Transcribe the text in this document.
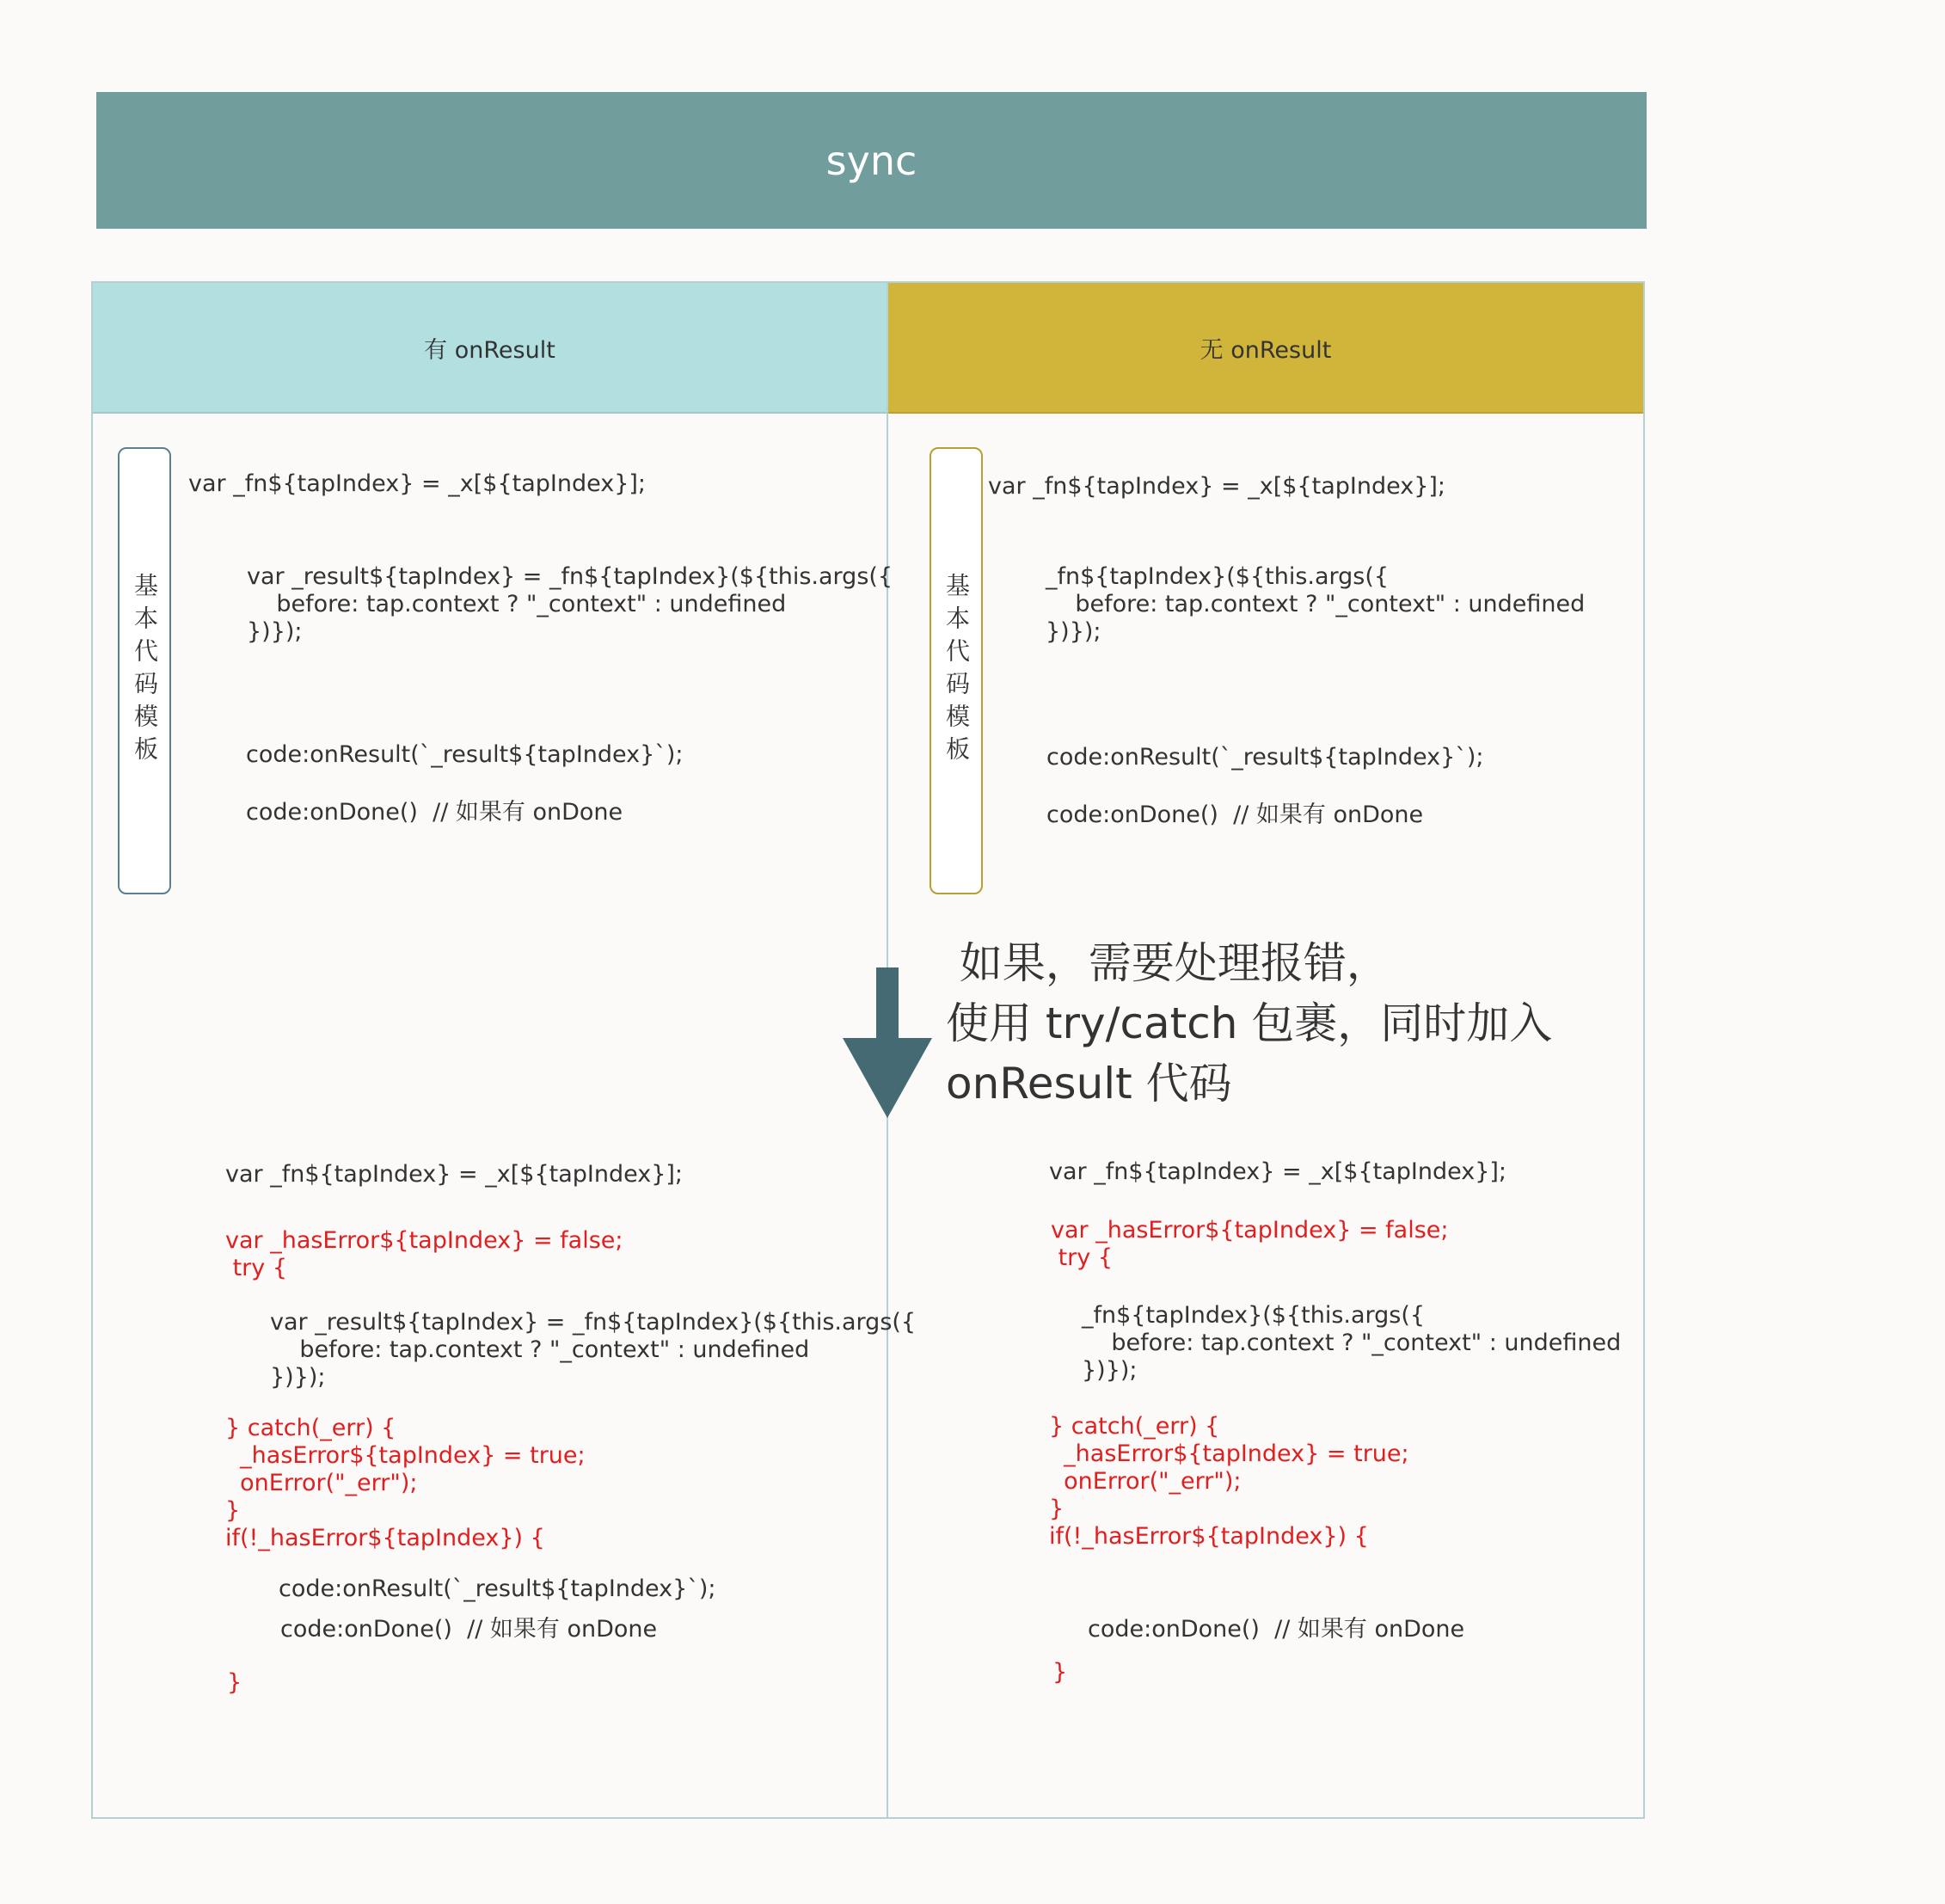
sync
有 onResult	无 onResult
基本代码模板	基本代码模板
var _fn${tapIndex} = _x[${tapIndex}];
var _result${tapIndex} = _fn${tapIndex}(${this.args({
before: tap.context ? "_context" : undefined
})});
code:onResult(`_result${tapIndex}`);
code:onDone()  // 如果有 onDone
var _fn${tapIndex} = _x[${tapIndex}];
_fn${tapIndex}(${this.args({
before: tap.context ? "_context" : undefined
})});
code:onResult(`_result${tapIndex}`);
code:onDone()  // 如果有 onDone
如果，需要处理报错，
使用 try/catch 包裹，同时加入
onResult 代码
var _fn${tapIndex} = _x[${tapIndex}];
var _hasError${tapIndex} = false;
try {
var _result${tapIndex} = _fn${tapIndex}(${this.args({
before: tap.context ? "_context" : undefined
})});
} catch(_err) {
_hasError${tapIndex} = true;
onError("_err");
}
if(!_hasError${tapIndex}) {
code:onResult(`_result${tapIndex}`);
code:onDone()  // 如果有 onDone
}
var _fn${tapIndex} = _x[${tapIndex}];
var _hasError${tapIndex} = false;
try {
_fn${tapIndex}(${this.args({
before: tap.context ? "_context" : undefined
})});
} catch(_err) {
_hasError${tapIndex} = true;
onError("_err");
}
if(!_hasError${tapIndex}) {
code:onDone()  // 如果有 onDone
}
